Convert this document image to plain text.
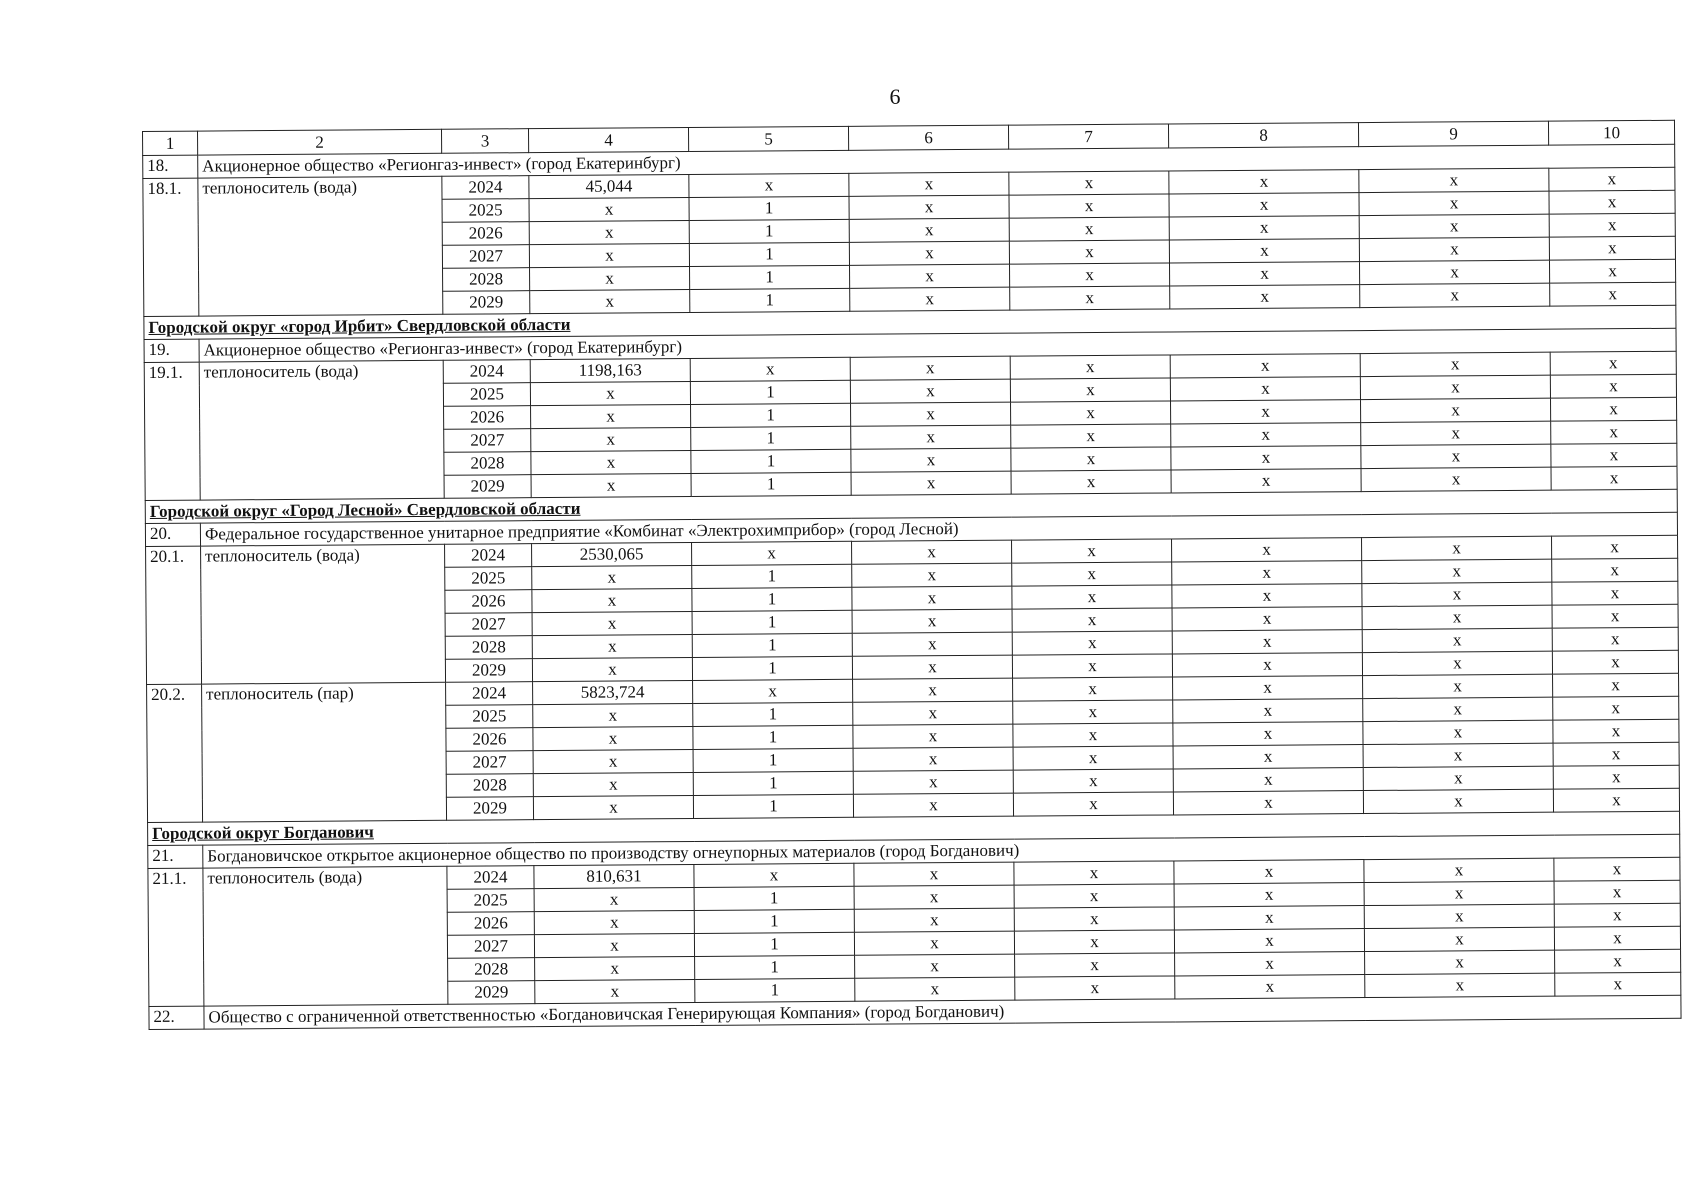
6
1	2	3	4	5	6	7	8	9	10
18.	Акционерное общество «Регионгаз-инвест» (город Екатеринбург)								
18.1.	теплоноситель (вода)	2024	45,044	x	x	x	x	x	x
		2025	x	1	x	x	x	x	x
		2026	x	1	x	x	x	x	x
		2027	x	1	x	x	x	x	x
		2028	x	1	x	x	x	x	x
		2029	x	1	x	x	x	x	x
Городской округ «город Ирбит» Свердловской области									
19.	Акционерное общество «Регионгаз-инвест» (город Екатеринбург)								
19.1.	теплоноситель (вода)	2024	1198,163	x	x	x	x	x	x
		2025	x	1	x	x	x	x	x
		2026	x	1	x	x	x	x	x
		2027	x	1	x	x	x	x	x
		2028	x	1	x	x	x	x	x
		2029	x	1	x	x	x	x	x
Городской округ «Город Лесной» Свердловской области									
20.	Федеральное государственное унитарное предприятие «Комбинат «Электрохимприбор» (город Лесной)								
20.1.	теплоноситель (вода)	2024	2530,065	x	x	x	x	x	x
		2025	x	1	x	x	x	x	x
		2026	x	1	x	x	x	x	x
		2027	x	1	x	x	x	x	x
		2028	x	1	x	x	x	x	x
		2029	x	1	x	x	x	x	x
20.2.	теплоноситель (пар)	2024	5823,724	x	x	x	x	x	x
		2025	x	1	x	x	x	x	x
		2026	x	1	x	x	x	x	x
		2027	x	1	x	x	x	x	x
		2028	x	1	x	x	x	x	x
		2029	x	1	x	x	x	x	x
Городской округ Богданович									
21.	Богдановичское открытое акционерное общество по производству огнеупорных материалов (город Богданович)								
21.1.	теплоноситель (вода)	2024	810,631	x	x	x	x	x	x
		2025	x	1	x	x	x	x	x
		2026	x	1	x	x	x	x	x
		2027	x	1	x	x	x	x	x
		2028	x	1	x	x	x	x	x
		2029	x	1	x	x	x	x	x
22.	Общество с ограниченной ответственностью «Богдановичская Генерирующая Компания» (город Богданович)								
